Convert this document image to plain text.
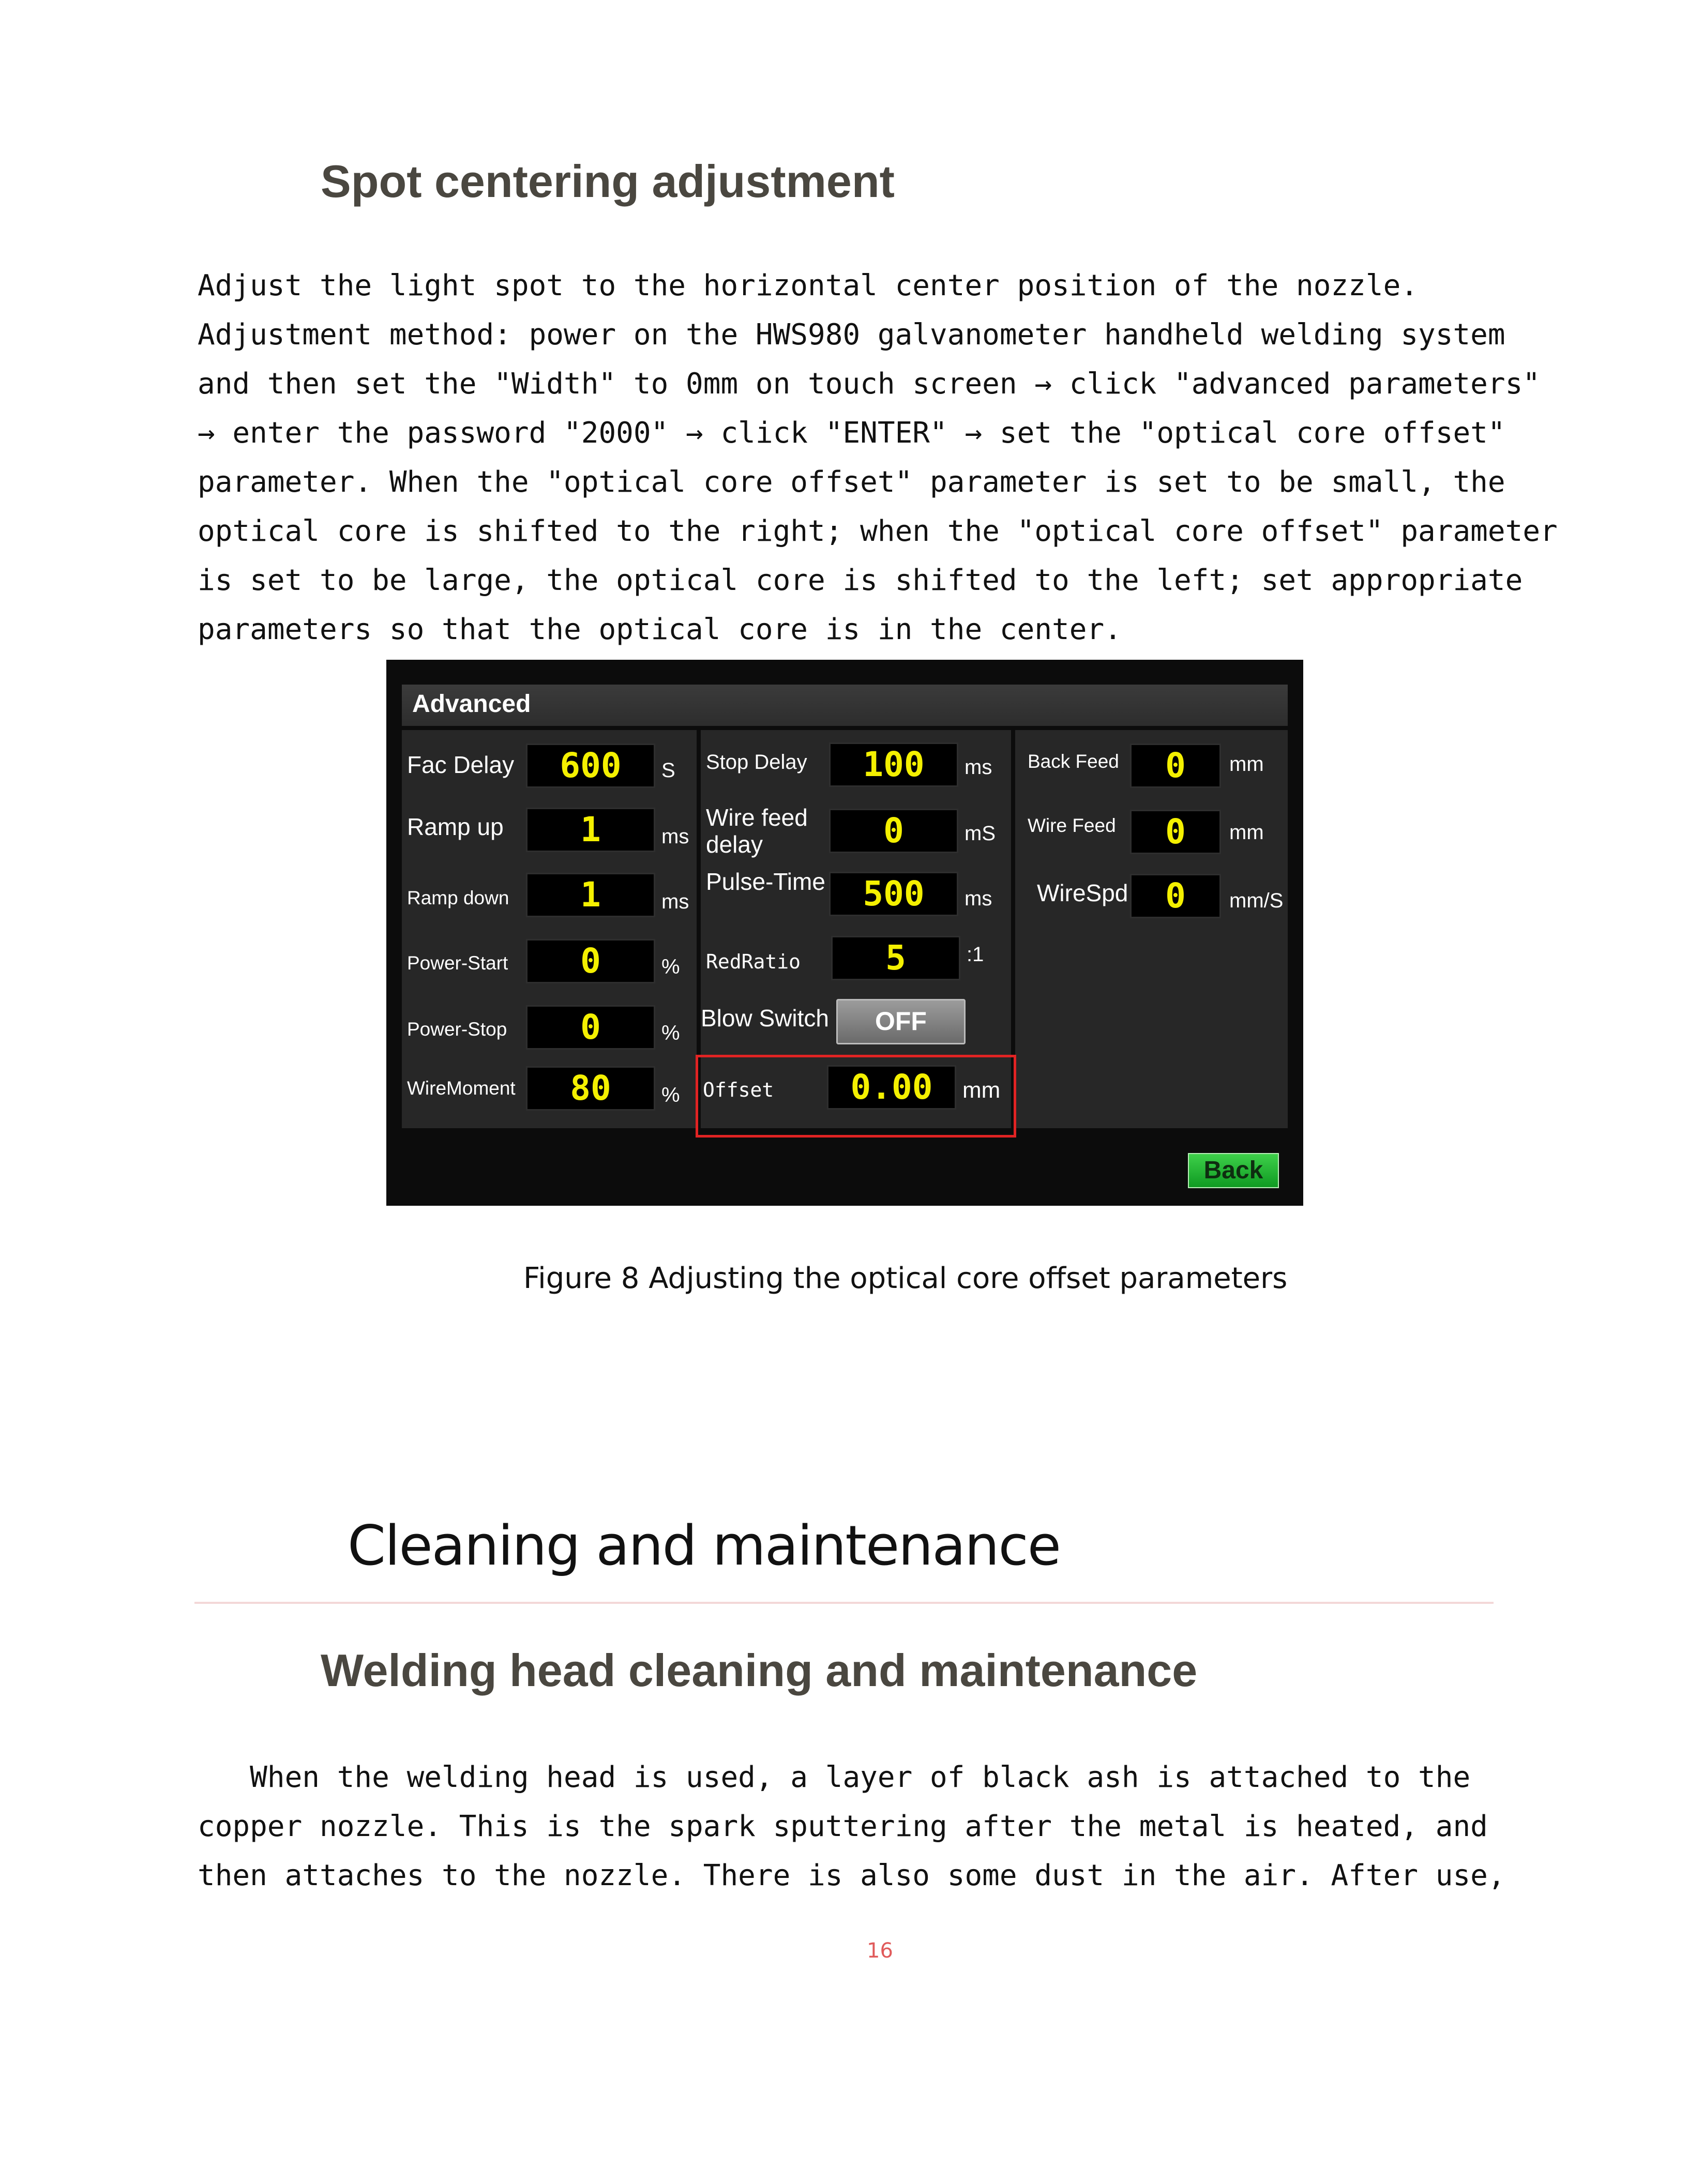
Spot centering adjustment
Adjust the light spot to the horizontal center position of the nozzle.
Adjustment method: power on the HWS980 galvanometer handheld welding system
and then set the "Width" to 0mm on touch screen → click "advanced parameters"
→ enter the password "2000" → click "ENTER" → set the "optical core offset"
parameter. When the "optical core offset" parameter is set to be small, the
optical core is shifted to the right; when the "optical core offset" parameter
is set to be large, the optical core is shifted to the left; set appropriate
parameters so that the optical core is in the center.
Advanced
Fac Delay	600	S
Ramp up	1	ms
Ramp down	1	ms
Power-Start	0	%
Power-Stop	0	%
WireMoment	80	%
Stop Delay	100	ms
Wire feed
delay	0	mS
Pulse-Time	500	ms
RedRatio	5	:1
Blow Switch	OFF
Offset	0.00	mm
Back Feed	0	mm
Wire Feed	0	mm
WireSpd	0	mm/S
Back
Figure 8 Adjusting the optical core offset parameters
Cleaning and maintenance
Welding head cleaning and maintenance
When the welding head is used, a layer of black ash is attached to the
copper nozzle. This is the spark sputtering after the metal is heated, and
then attaches to the nozzle. There is also some dust in the air. After use,
16
